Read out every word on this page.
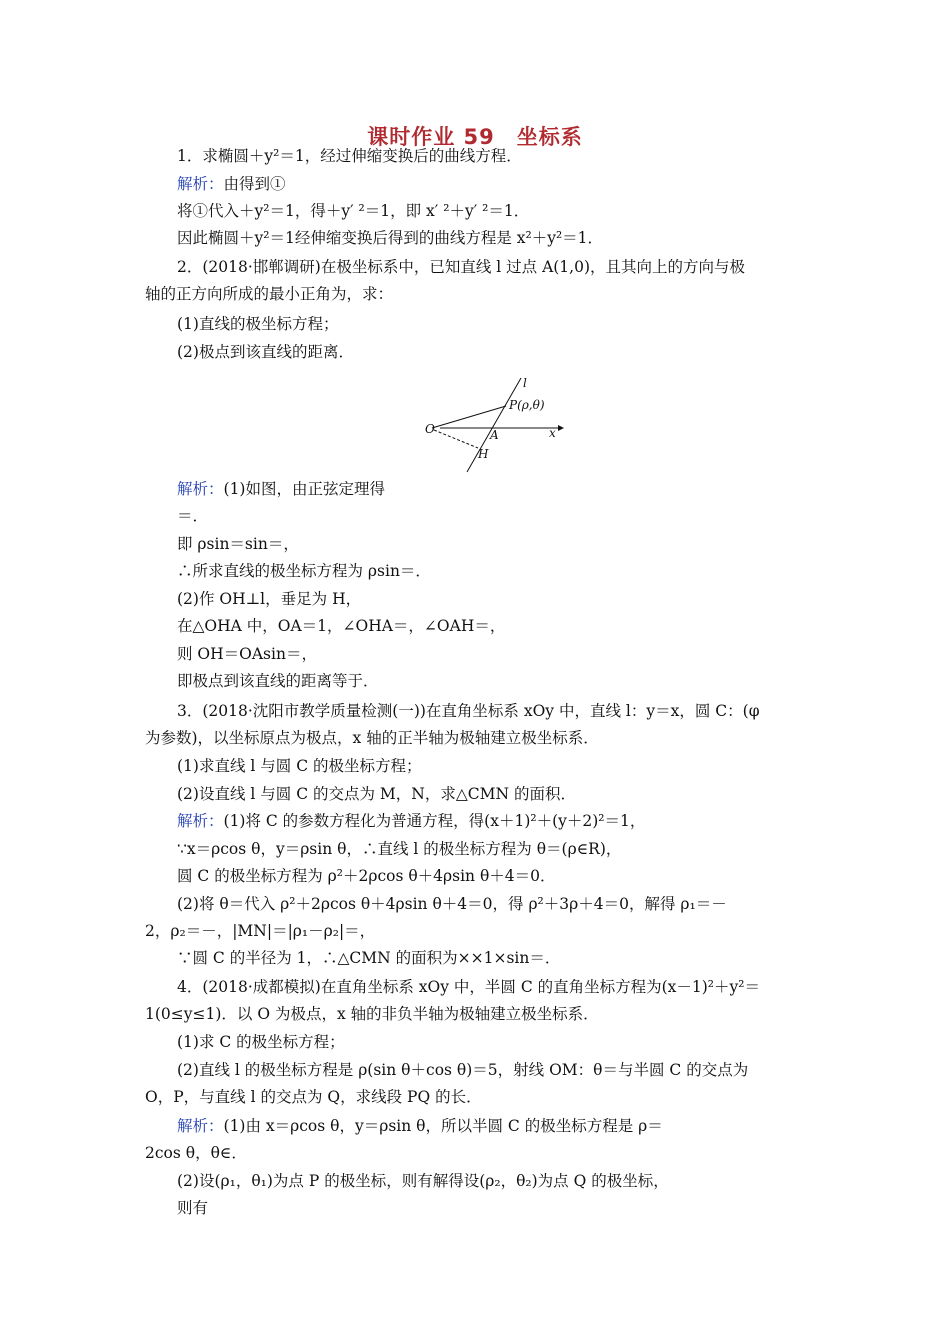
课时作业 59　坐标系
1．求椭圆＋y²＝1，经过伸缩变换后的曲线方程．
解析：由得到①
将①代入＋y²＝1，得＋y′ ²＝1，即 x′ ²＋y′ ²＝1．
因此椭圆＋y²＝1经伸缩变换后得到的曲线方程是 x²＋y²＝1．
2．(2018·邯郸调研)在极坐标系中，已知直线 l 过点 A(1,0)，且其向上的方向与极
轴的正方向所成的最小正角为，求：
(1)直线的极坐标方程；
(2)极点到该直线的距离．
l
P(ρ,θ)
O	A	x
H
解析：(1)如图，由正弦定理得
＝．
即 ρsin＝sin＝，
∴所求直线的极坐标方程为 ρsin＝．
(2)作 OH⊥l，垂足为 H，
在△OHA 中，OA＝1，∠OHA＝，∠OAH＝，
则 OH＝OAsin＝，
即极点到该直线的距离等于．
3．(2018·沈阳市教学质量检测(一))在直角坐标系 xOy 中，直线 l：y＝x，圆 C：(φ
为参数)，以坐标原点为极点，x 轴的正半轴为极轴建立极坐标系．
(1)求直线 l 与圆 C 的极坐标方程；
(2)设直线 l 与圆 C 的交点为 M，N，求△CMN 的面积．
解析：(1)将 C 的参数方程化为普通方程，得(x＋1)²＋(y＋2)²＝1，
∵x＝ρcos θ，y＝ρsin θ，∴直线 l 的极坐标方程为 θ＝(ρ∈R)，
圆 C 的极坐标方程为 ρ²＋2ρcos θ＋4ρsin θ＋4＝0．
(2)将 θ＝代入 ρ²＋2ρcos θ＋4ρsin θ＋4＝0，得 ρ²＋3ρ＋4＝0，解得 ρ₁＝－
2，ρ₂＝－，|MN|＝|ρ₁－ρ₂|＝，
∵圆 C 的半径为 1，∴△CMN 的面积为××1×sin＝．
4．(2018·成都模拟)在直角坐标系 xOy 中，半圆 C 的直角坐标方程为(x－1)²＋y²＝
1(0≤y≤1)．以 O 为极点，x 轴的非负半轴为极轴建立极坐标系．
(1)求 C 的极坐标方程；
(2)直线 l 的极坐标方程是 ρ(sin θ＋cos θ)＝5，射线 OM：θ＝与半圆 C 的交点为
O，P，与直线 l 的交点为 Q，求线段 PQ 的长．
解析：(1)由 x＝ρcos θ，y＝ρsin θ，所以半圆 C 的极坐标方程是 ρ＝
2cos θ，θ∈．
(2)设(ρ₁，θ₁)为点 P 的极坐标，则有解得设(ρ₂，θ₂)为点 Q 的极坐标，
则有
